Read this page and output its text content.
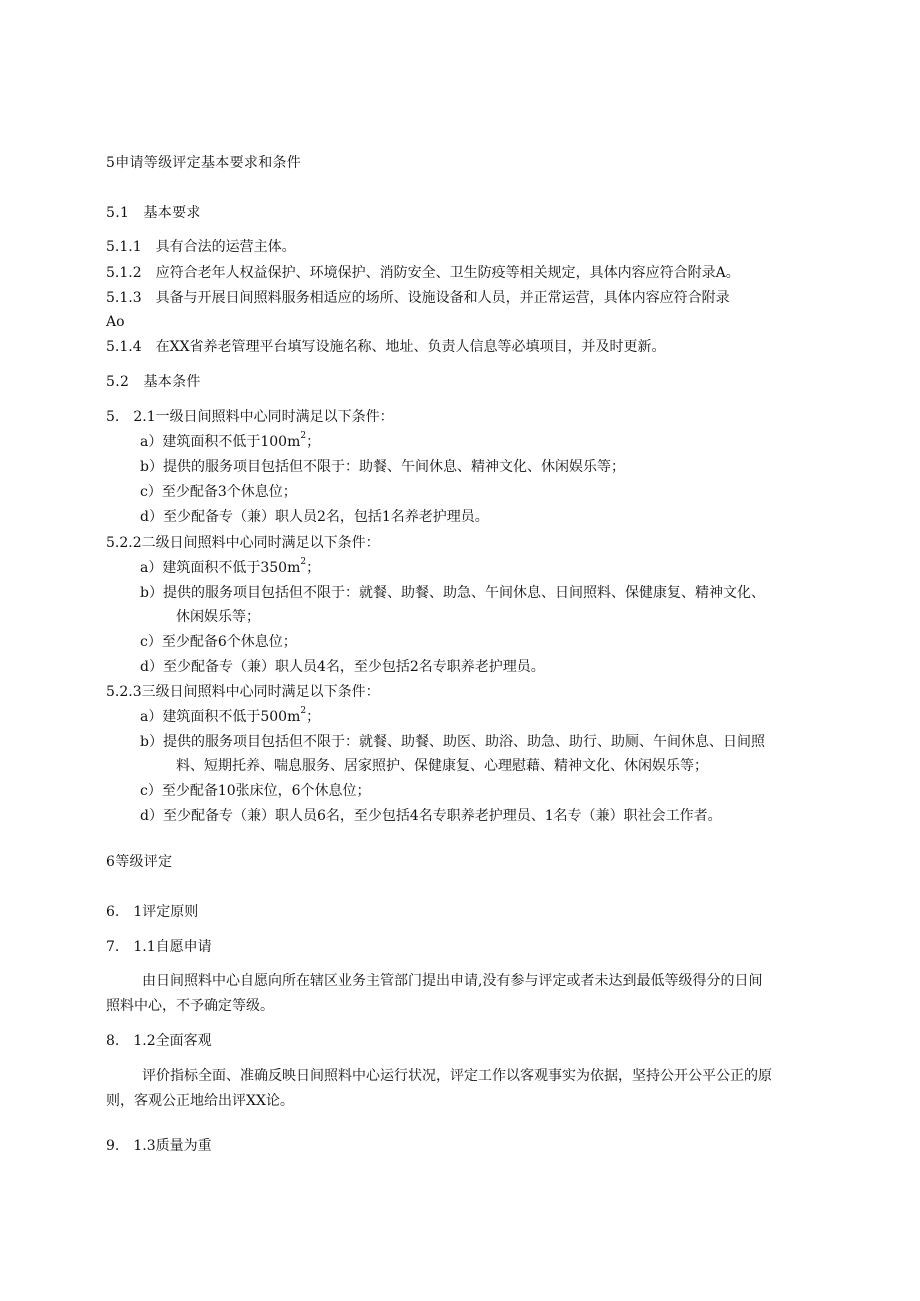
5申请等级评定基本要求和条件
5.1　基本要求
5.1.1　具有合法的运营主体。
5.1.2　应符合老年人权益保护、环境保护、消防安全、卫生防疫等相关规定，具体内容应符合附录A。
5.1.3　具备与开展日间照料服务相适应的场所、设施设备和人员，并正常运营，具体内容应符合附录
Ao
5.1.4　在XX省养老管理平台填写设施名称、地址、负责人信息等必填项目，并及时更新。
5.2　基本条件
5.　2.1一级日间照料中心同时满足以下条件：
a）建筑面积不低于$100m^2$；
b）提供的服务项目包括但不限于：助餐、午间休息、精神文化、休闲娱乐等；
c）至少配备3个休息位；
d）至少配备专（兼）职人员2名，包括1名养老护理员。
5.2.2二级日间照料中心同时满足以下条件：
a）建筑面积不低于$350m^2$；
b）提供的服务项目包括但不限于：就餐、助餐、助急、午间休息、日间照料、保健康复、精神文化、
休闲娱乐等；
c）至少配备6个休息位；
d）至少配备专（兼）职人员4名，至少包括2名专职养老护理员。
5.2.3三级日间照料中心同时满足以下条件：
a）建筑面积不低于$500m^2$；
b）提供的服务项目包括但不限于：就餐、助餐、助医、助浴、助急、助行、助厕、午间休息、日间照
料、短期托养、喘息服务、居家照护、保健康复、心理慰藉、精神文化、休闲娱乐等；
c）至少配备10张床位，6个休息位；
d）至少配备专（兼）职人员6名，至少包括4名专职养老护理员、1名专（兼）职社会工作者。
6等级评定
6.　1评定原则
7.　1.1自愿申请
由日间照料中心自愿向所在辖区业务主管部门提出申请,没有参与评定或者未达到最低等级得分的日间
照料中心，不予确定等级。
8.　1.2全面客观
评价指标全面、准确反映日间照料中心运行状况，评定工作以客观事实为依据，坚持公开公平公正的原
则，客观公正地给出评XX论。
9.　1.3质量为重
